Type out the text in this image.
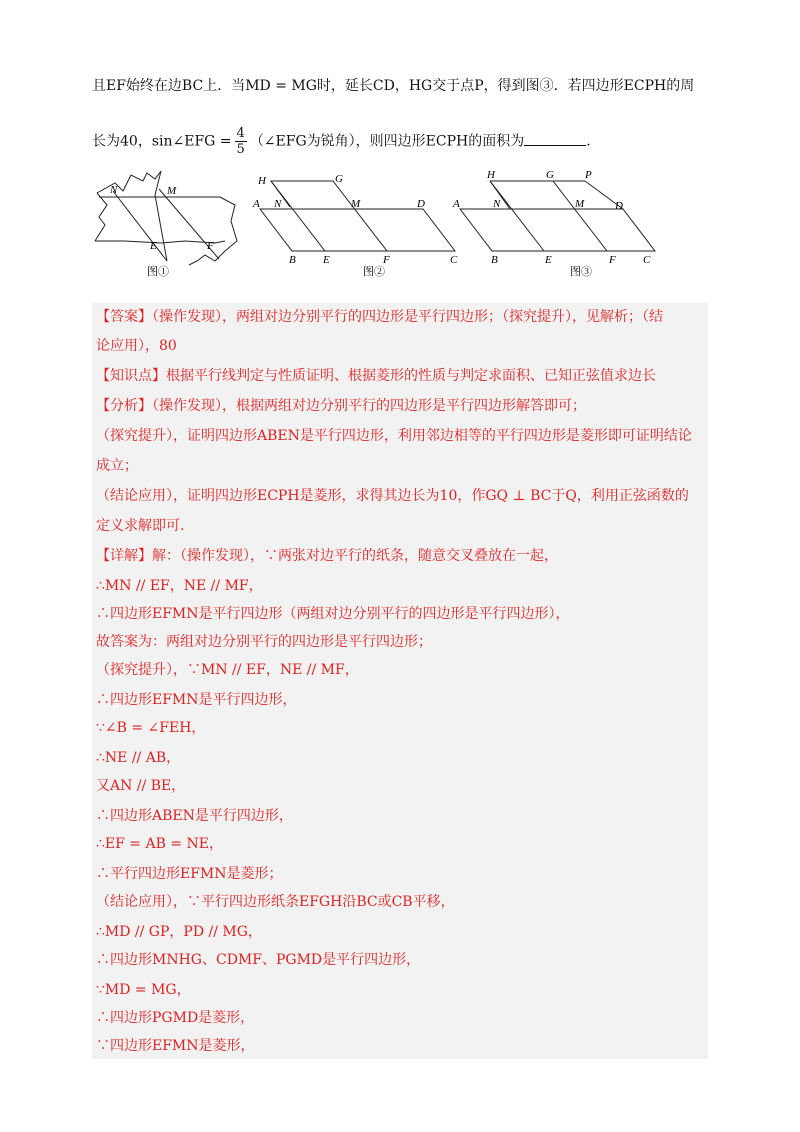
且EF始终在边BC上．当MD = MG时，延长CD，HG交于点P，得到图③．若四边形ECPH的周
长为40，sin∠EFG = $\frac{4}{5}$ （∠EFG为锐角），则四边形ECPH的面积为	.
N	M
E	F
图①
H	G
A N	M	D
B E	F	C
图②
H	G	P
A	N	M	D
B	E	F C
图③
【答案】（操作发现），两组对边分别平行的四边形是平行四边形；（探究提升），见解析；（结
论应用），80
【知识点】根据平行线判定与性质证明、根据菱形的性质与判定求面积、已知正弦值求边长
【分析】（操作发现），根据两组对边分别平行的四边形是平行四边形解答即可；
（探究提升），证明四边形ABEN是平行四边形，利用邻边相等的平行四边形是菱形即可证明结论
成立；
（结论应用），证明四边形ECPH是菱形，求得其边长为10，作GQ ⊥ BC于Q，利用正弦函数的
定义求解即可.
【详解】解：（操作发现），∵两张对边平行的纸条，随意交叉叠放在一起，
∴MN // EF，NE // MF，
∴四边形EFMN是平行四边形（两组对边分别平行的四边形是平行四边形），
故答案为：两组对边分别平行的四边形是平行四边形；
（探究提升），∵MN // EF，NE // MF，
∴四边形EFMN是平行四边形，
∵∠B = ∠FEH，
∴NE // AB，
又AN // BE，
∴四边形ABEN是平行四边形，
∴EF = AB = NE，
∴平行四边形EFMN是菱形；
（结论应用），∵平行四边形纸条EFGH沿BC或CB平移，
∴MD // GP，PD // MG，
∴四边形MNHG、CDMF、PGMD是平行四边形，
∵MD = MG，
∴四边形PGMD是菱形，
∵四边形EFMN是菱形，
